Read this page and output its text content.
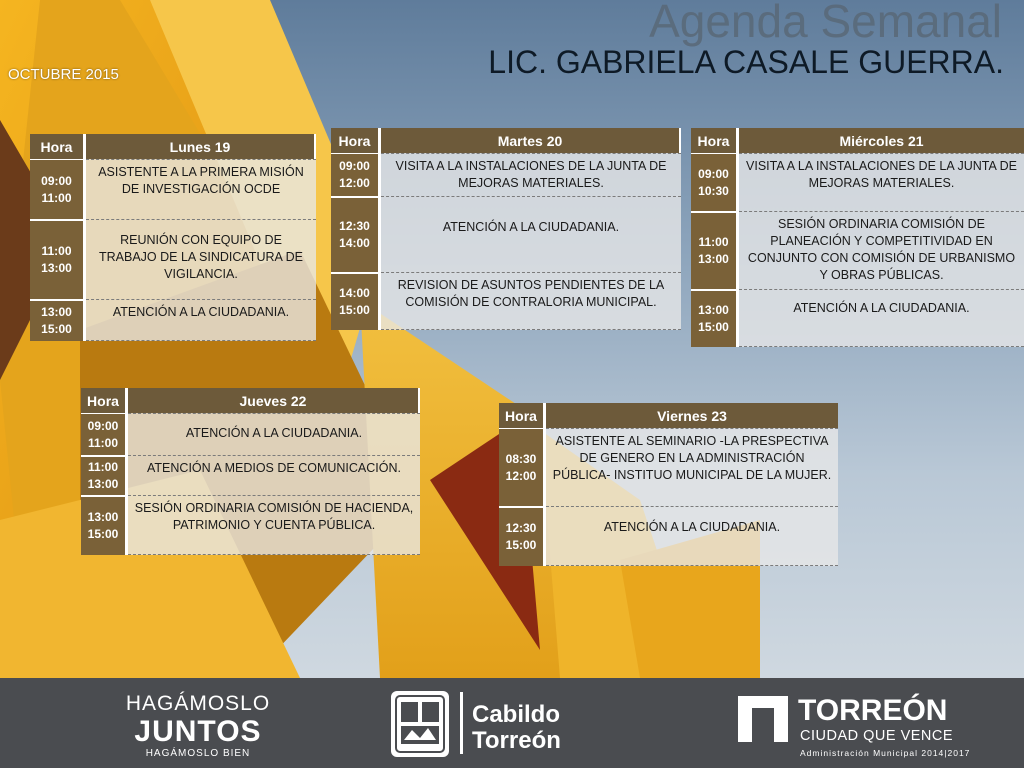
Agenda Semanal
LIC. GABRIELA CASALE GUERRA.
OCTUBRE 2015
Hora	Lunes 19
09:00
11:00	ASISTENTE A LA PRIMERA MISIÓN DE INVESTIGACIÓN OCDE
11:00
13:00	REUNIÓN CON EQUIPO DE TRABAJO DE LA SINDICATURA DE VIGILANCIA.
13:00
15:00	ATENCIÓN A LA CIUDADANIA.
Hora	Martes 20
09:00
12:00	VISITA A LA INSTALACIONES DE LA JUNTA DE MEJORAS MATERIALES.
12:30
14:00	ATENCIÓN A LA CIUDADANIA.
14:00
15:00	REVISION DE ASUNTOS PENDIENTES DE LA COMISIÓN DE CONTRALORIA MUNICIPAL.
Hora	Miércoles 21
09:00
10:30	VISITA A LA INSTALACIONES DE LA JUNTA DE MEJORAS MATERIALES.
11:00
13:00	SESIÓN ORDINARIA COMISIÓN DE PLANEACIÓN Y COMPETITIVIDAD EN CONJUNTO CON COMISIÓN DE URBANISMO Y OBRAS PÚBLICAS.
13:00
15:00	ATENCIÓN A LA CIUDADANIA.
Hora	Jueves 22
09:00
11:00	ATENCIÓN A LA CIUDADANIA.
11:00
13:00	ATENCIÓN A MEDIOS DE COMUNICACIÓN.
13:00
15:00	SESIÓN ORDINARIA COMISIÓN DE HACIENDA, PATRIMONIO Y CUENTA PÚBLICA.
Hora	Viernes 23
08:30
12:00	ASISTENTE AL SEMINARIO -LA PRESPECTIVA DE GENERO EN LA ADMINISTRACIÓN PÚBLICA- INSTITUO MUNICIPAL DE LA MUJER.
12:30
15:00	ATENCIÓN A LA CIUDADANIA.
HAGÁMOSLO
JUNTOS
HAGÁMOSLO BIEN
Cabildo
Torreón
TORREÓN
CIUDAD QUE VENCE
Administración Municipal 2014|2017
